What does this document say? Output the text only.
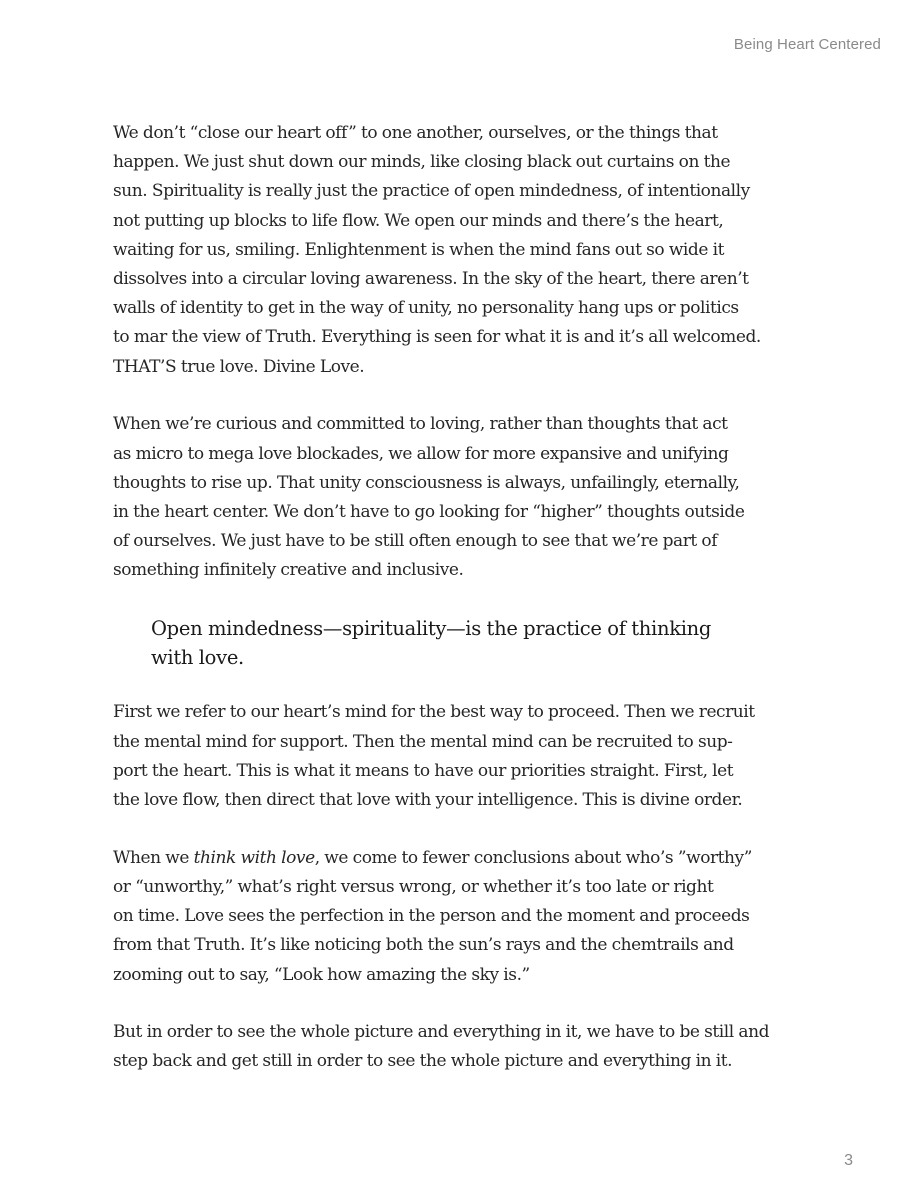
Being Heart Centered

We don’t “close our heart off” to one another, ourselves, or the things that
happen. We just shut down our minds, like closing black out curtains on the
sun. Spirituality is really just the practice of open mindedness, of intentionally
not putting up blocks to life flow. We open our minds and there’s the heart,
waiting for us, smiling. Enlightenment is when the mind fans out so wide it
dissolves into a circular loving awareness. In the sky of the heart, there aren’t
walls of identity to get in the way of unity, no personality hang ups or politics
to mar the view of Truth. Everything is seen for what it is and it’s all welcomed.
THAT’S true love. Divine Love.

When we’re curious and committed to loving, rather than thoughts that act
as micro to mega love blockades, we allow for more expansive and unifying
thoughts to rise up. That unity consciousness is always, unfailingly, eternally,
in the heart center. We don’t have to go looking for “higher” thoughts outside
of ourselves. We just have to be still often enough to see that we’re part of
something infinitely creative and inclusive.

Open mindedness—spirituality—is the practice of thinking
with love.

First we refer to our heart’s mind for the best way to proceed. Then we recruit
the mental mind for support. Then the mental mind can be recruited to sup-
port the heart. This is what it means to have our priorities straight. First, let
the love flow, then direct that love with your intelligence. This is divine order.

When we think with love, we come to fewer conclusions about who’s ”worthy”
or “unworthy,” what’s right versus wrong, or whether it’s too late or right
on time. Love sees the perfection in the person and the moment and proceeds
from that Truth. It’s like noticing both the sun’s rays and the chemtrails and
zooming out to say, “Look how amazing the sky is.”

But in order to see the whole picture and everything in it, we have to be still and
step back and get still in order to see the whole picture and everything in it.

3
